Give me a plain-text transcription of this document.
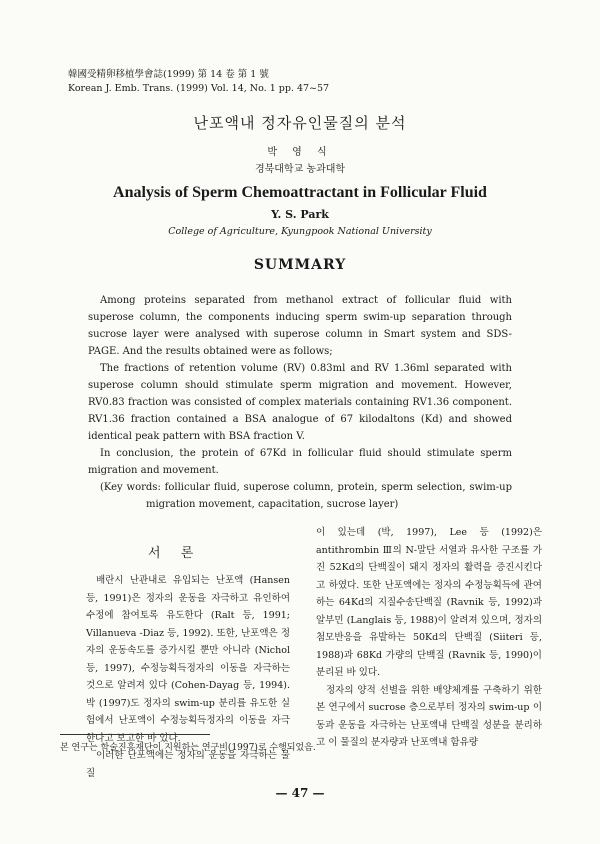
韓國受精卵移植學會誌(1999) 第 14 卷 第 1 號
Korean J. Emb. Trans. (1999) Vol. 14, No. 1 pp. 47~57
난포액내 정자유인물질의 분석
박 영 식
경북대학교 농과대학
Analysis of Sperm Chemoattractant in Follicular Fluid
Y. S. Park
College of Agriculture, Kyungpook National University
SUMMARY

Among proteins separated from methanol extract of follicular fluid with superose column, the components inducing sperm swim-up separation through sucrose layer were analysed with superose column in Smart system and SDS-PAGE. And the results obtained were as follows;

The fractions of retention volume (RV) 0.83ml and RV 1.36ml separated with superose column should stimulate sperm migration and movement. However, RV0.83 fraction was consisted of complex materials containing RV1.36 component. RV1.36 fraction contained a BSA analogue of 67 kilodaltons (Kd) and showed identical peak pattern with BSA fraction V.

In conclusion, the protein of 67Kd in follicular fluid should stimulate sperm migration and movement.

(Key words: follicular fluid, superose column, protein, sperm selection, swim-up migration movement, capacitation, sucrose layer)

서 론

배란시 난관내로 유입되는 난포액 (Hansen 등, 1991)은 정자의 운동을 자극하고 유인하여 수정에 참여토록 유도한다 (Ralt 등, 1991; Villanueva -Diaz 등, 1992). 또한, 난포액은 정자의 운동속도를 증가시킬 뿐만 아니라 (Nichol 등, 1997), 수정능획득정자의 이동을 자극하는 것으로 알려져 있다 (Cohen-Dayag 등, 1994). 박 (1997)도 정자의 swim-up 분리를 유도한 실험에서 난포액이 수정능획득정자의 이동을 자극한다고 보고한 바 있다.

이러한 난포액에는 정자의 운동을 자극하는 물질

이 있는데 (박, 1997), Lee 등 (1992)은 antithrombin Ⅲ의 N-말단 서열과 유사한 구조를 가진 52Kd의 단백질이 돼지 정자의 활력을 증진시킨다고 하였다. 또한 난포액에는 정자의 수정능획득에 관여하는 64Kd의 지질수송단백질 (Ravnik 등, 1992)과 알부민 (Langlais 등, 1988)이 알려져 있으며, 정자의 첨모반응을 유발하는 50Kd의 단백질 (Siiteri 등, 1988)과 68Kd 가량의 단백질 (Ravnik 등, 1990)이 분리된 바 있다.

정자의 양적 선별을 위한 배양체계를 구축하기 위한 본 연구에서 sucrose 층으로부터 정자의 swim-up 이동과 운동을 자극하는 난포액내 단백질 성분을 분리하고 이 물질의 분자량과 난포액내 함유량

본 연구는 학술진흥재단이 지원하는 연구비(1997)로 수행되었음.
— 47 —
